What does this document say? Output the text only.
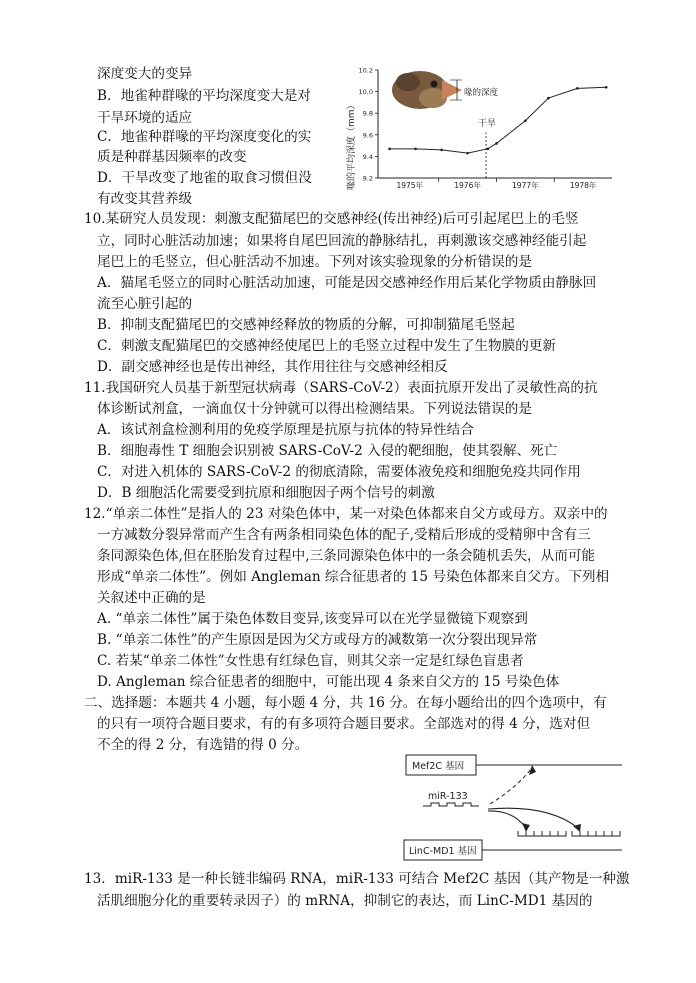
深度变大的变异
B．地雀种群喙的平均深度变大是对
干旱环境的适应
C．地雀种群喙的平均深度变化的实
质是种群基因频率的改变
D．干旱改变了地雀的取食习惯但没
有改变其营养级
喙的深度
喙的平均深度（mm）
10.2
10.0
9.8
9.6
9.4
9.2
1975年	1976年	1977年	1978年
干旱
10.某研究人员发现：刺激支配猫尾巴的交感神经(传出神经)后可引起尾巴上的毛竖
立，同时心脏活动加速；如果将自尾巴回流的静脉结扎，再刺激该交感神经能引起
尾巴上的毛竖立，但心脏活动不加速。下列对该实验现象的分析错误的是
A．猫尾毛竖立的同时心脏活动加速，可能是因交感神经作用后某化学物质由静脉回
流至心脏引起的
B．抑制支配猫尾巴的交感神经释放的物质的分解，可抑制猫尾毛竖起
C．刺激支配猫尾巴的交感神经使尾巴上的毛竖立过程中发生了生物膜的更新
D．副交感神经也是传出神经，其作用往往与交感神经相反
11.我国研究人员基于新型冠状病毒（SARS-CoV-2）表面抗原开发出了灵敏性高的抗
体诊断试剂盒，一滴血仅十分钟就可以得出检测结果。下列说法错误的是
A．该试剂盒检测利用的免疫学原理是抗原与抗体的特异性结合
B．细胞毒性 T 细胞会识别被 SARS-CoV-2 入侵的靶细胞，使其裂解、死亡
C．对进入机体的 SARS-CoV-2 的彻底清除，需要体液免疫和细胞免疫共同作用
D．B 细胞活化需要受到抗原和细胞因子两个信号的刺激
12.“单亲二体性”是指人的 23 对染色体中，某一对染色体都来自父方或母方。双亲中的
一方减数分裂异常而产生含有两条相同染色体的配子,受精后形成的受精卵中含有三
条同源染色体,但在胚胎发育过程中,三条同源染色体中的一条会随机丢失，从而可能
形成“单亲二体性”。例如 Angleman 综合征患者的 15 号染色体都来自父方。下列相
关叙述中正确的是
A. “单亲二体性”属于染色体数目变异,该变异可以在光学显微镜下观察到
B. “单亲二体性”的产生原因是因为父方或母方的减数第一次分裂出现异常
C. 若某“单亲二体性”女性患有红绿色盲，则其父亲一定是红绿色盲患者
D. Angleman 综合征患者的细胞中，可能出现 4 条来自父方的 15 号染色体
二、选择题：本题共 4 小题，每小题 4 分，共 16 分。在每小题给出的四个选项中，有
的只有一项符合题目要求，有的有多项符合题目要求。全部选对的得 4 分，选对但
不全的得 2 分，有选错的得 0 分。
Mef2C 基因
miR-133
LinC-MD1 基因
13．miR-133 是一种长链非编码 RNA，miR-133 可结合 Mef2C 基因（其产物是一种激
活肌细胞分化的重要转录因子）的 mRNA，抑制它的表达，而 LinC-MD1 基因的
